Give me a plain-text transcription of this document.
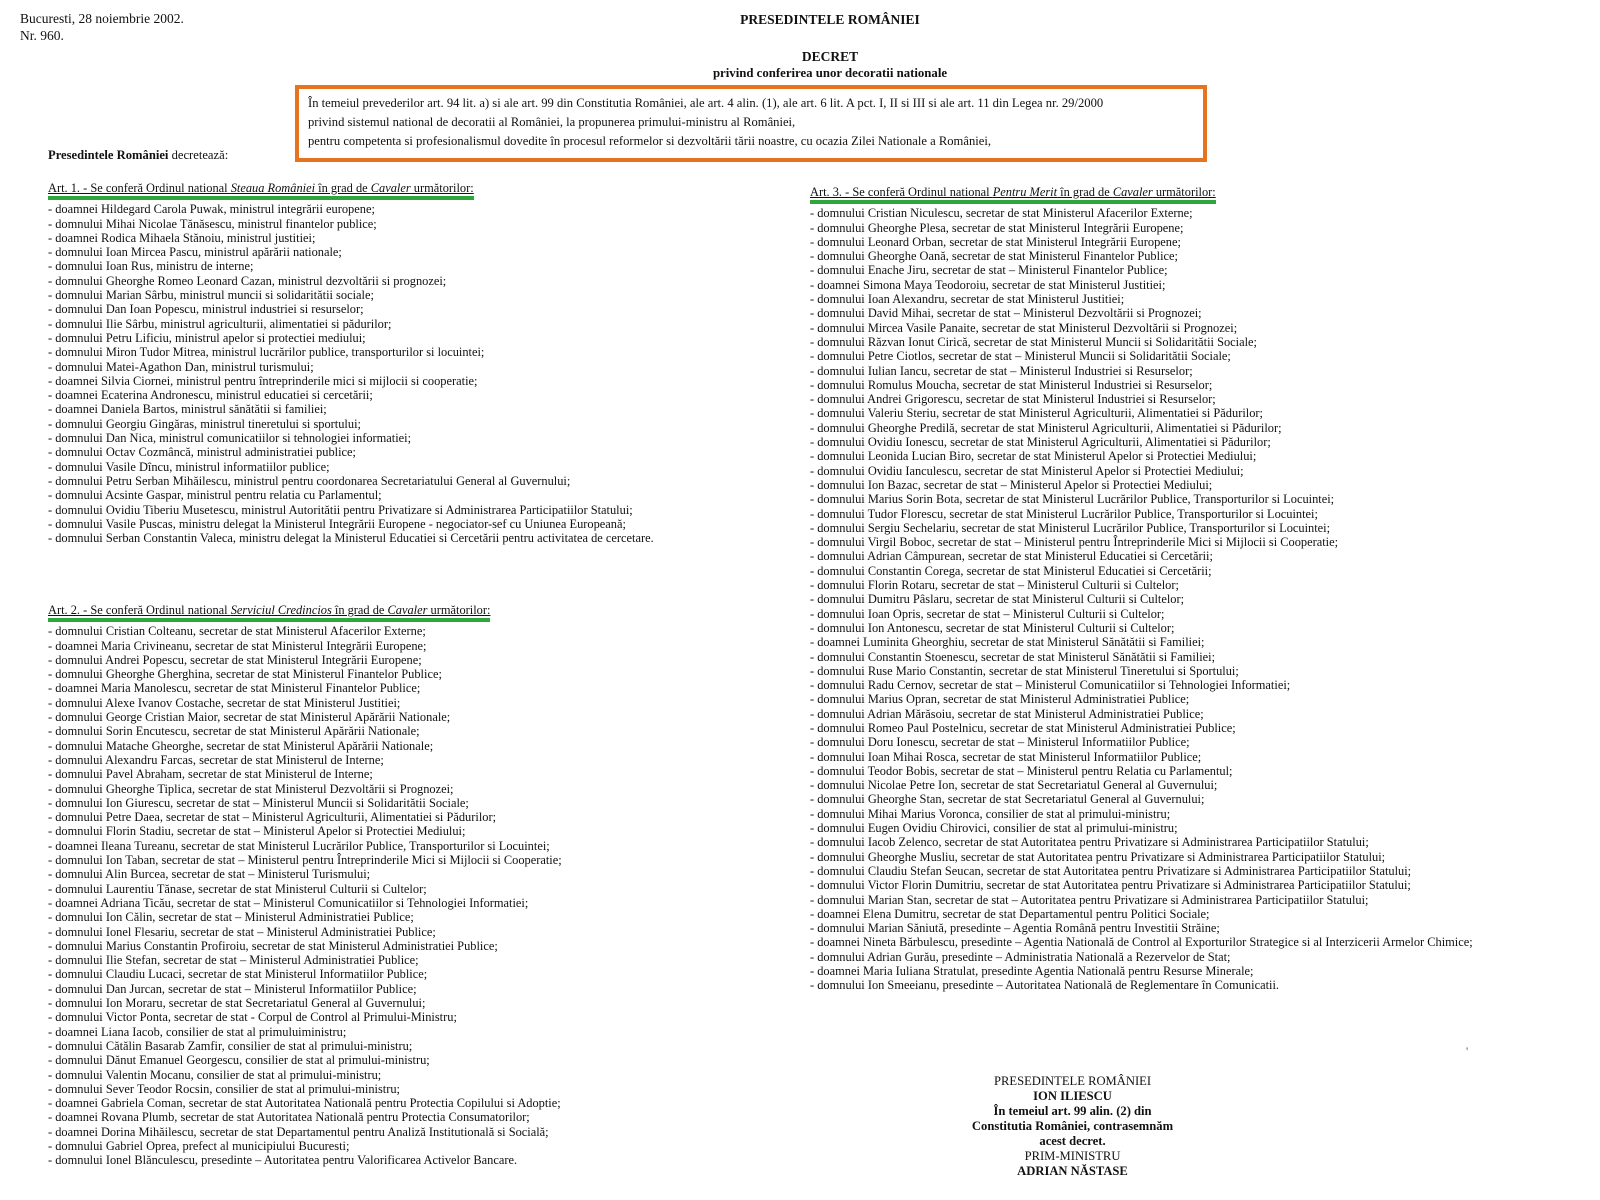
Bucuresti, 28 noiembrie 2002.
Nr. 960.
PRESEDINTELE ROMÂNIEI
DECRET
privind conferirea unor decoratii nationale
În temeiul prevederilor art. 94 lit. a) si ale art. 99 din Constitutia României, ale art. 4 alin. (1), ale art. 6 lit. A pct. I, II si III si ale art. 11 din Legea nr. 29/2000
privind sistemul national de decoratii al României, la propunerea primului-ministru al României,
pentru competenta si profesionalismul dovedite în procesul reformelor si dezvoltării tării noastre, cu ocazia Zilei Nationale a României,
Presedintele României decretează:
Art. 1. - Se conferă Ordinul national Steaua României în grad de Cavaler următorilor:
- doamnei Hildegard Carola Puwak, ministrul integrării europene;
- domnului Mihai Nicolae Tănăsescu, ministrul finantelor publice;
- doamnei Rodica Mihaela Stănoiu, ministrul justitiei;
- domnului Ioan Mircea Pascu, ministrul apărării nationale;
- domnului Ioan Rus, ministru de interne;
- domnului Gheorghe Romeo Leonard Cazan, ministrul dezvoltării si prognozei;
- domnului Marian Sârbu, ministrul muncii si solidaritătii sociale;
- domnului Dan Ioan Popescu, ministrul industriei si resurselor;
- domnului Ilie Sârbu, ministrul agriculturii, alimentatiei si pădurilor;
- domnului Petru Lificiu, ministrul apelor si protectiei mediului;
- domnului Miron Tudor Mitrea, ministrul lucrărilor publice, transporturilor si locuintei;
- domnului Matei-Agathon Dan, ministrul turismului;
- doamnei Silvia Ciornei, ministrul pentru întreprinderile mici si mijlocii si cooperatie;
- doamnei Ecaterina Andronescu, ministrul educatiei si cercetării;
- doamnei Daniela Bartos, ministrul sănătătii si familiei;
- domnului Georgiu Gingăras, ministrul tineretului si sportului;
- domnului Dan Nica, ministrul comunicatiilor si tehnologiei informatiei;
- domnului Octav Cozmâncă, ministrul administratiei publice;
- domnului Vasile Dîncu, ministrul informatiilor publice;
- domnului Petru Serban Mihăilescu, ministrul pentru coordonarea Secretariatului General al Guvernului;
- domnului Acsinte Gaspar, ministrul pentru relatia cu Parlamentul;
- domnului Ovidiu Tiberiu Musetescu, ministrul Autoritătii pentru Privatizare si Administrarea Participatiilor Statului;
- domnului Vasile Puscas, ministru delegat la Ministerul Integrării Europene - negociator-sef cu Uniunea Europeană;
- domnului Serban Constantin Valeca, ministru delegat la Ministerul Educatiei si Cercetării pentru activitatea de cercetare.
Art. 2. - Se conferă Ordinul national Serviciul Credincios în grad de Cavaler următorilor:
- domnului Cristian Colteanu, secretar de stat Ministerul Afacerilor Externe;
- doamnei Maria Crivineanu, secretar de stat Ministerul Integrării Europene;
- domnului Andrei Popescu, secretar de stat Ministerul Integrării Europene;
- domnului Gheorghe Gherghina, secretar de stat Ministerul Finantelor Publice;
- doamnei Maria Manolescu, secretar de stat Ministerul Finantelor Publice;
- domnului Alexe Ivanov Costache, secretar de stat Ministerul Justitiei;
- domnului George Cristian Maior, secretar de stat Ministerul Apărării Nationale;
- domnului Sorin Encutescu, secretar de stat Ministerul Apărării Nationale;
- domnului Matache Gheorghe, secretar de stat Ministerul Apărării Nationale;
- domnului Alexandru Farcas, secretar de stat Ministerul de Interne;
- domnului Pavel Abraham, secretar de stat Ministerul de Interne;
- domnului Gheorghe Tiplica, secretar de stat Ministerul Dezvoltării si Prognozei;
- domnului Ion Giurescu, secretar de stat – Ministerul Muncii si Solidaritătii Sociale;
- domnului Petre Daea, secretar de stat – Ministerul Agriculturii, Alimentatiei si Pădurilor;
- domnului Florin Stadiu, secretar de stat – Ministerul Apelor si Protectiei Mediului;
- doamnei Ileana Tureanu, secretar de stat Ministerul Lucrărilor Publice, Transporturilor si Locuintei;
- domnului Ion Taban, secretar de stat – Ministerul pentru Întreprinderile Mici si Mijlocii si Cooperatie;
- domnului Alin Burcea, secretar de stat – Ministerul Turismului;
- domnului Laurentiu Tănase, secretar de stat Ministerul Culturii si Cultelor;
- doamnei Adriana Ticău, secretar de stat – Ministerul Comunicatiilor si Tehnologiei Informatiei;
- domnului Ion Călin, secretar de stat – Ministerul Administratiei Publice;
- domnului Ionel Flesariu, secretar de stat – Ministerul Administratiei Publice;
- domnului Marius Constantin Profiroiu, secretar de stat Ministerul Administratiei Publice;
- domnului Ilie Stefan, secretar de stat – Ministerul Administratiei Publice;
- domnului Claudiu Lucaci, secretar de stat Ministerul Informatiilor Publice;
- domnului Dan Jurcan, secretar de stat – Ministerul Informatiilor Publice;
- domnului Ion Moraru, secretar de stat Secretariatul General al Guvernului;
- domnului Victor Ponta, secretar de stat - Corpul de Control al Primului-Ministru;
- doamnei Liana Iacob, consilier de stat al primuluiministru;
- domnului Cătălin Basarab Zamfir, consilier de stat al primului-ministru;
- domnului Dănut Emanuel Georgescu, consilier de stat al primului-ministru;
- domnului Valentin Mocanu, consilier de stat al primului-ministru;
- domnului Sever Teodor Rocsin, consilier de stat al primului-ministru;
- doamnei Gabriela Coman, secretar de stat Autoritatea Natională pentru Protectia Copilului si Adoptie;
- doamnei Rovana Plumb, secretar de stat Autoritatea Natională pentru Protectia Consumatorilor;
- doamnei Dorina Mihăilescu, secretar de stat Departamentul pentru Analiză Institutională si Socială;
- domnului Gabriel Oprea, prefect al municipiului Bucuresti;
- domnului Ionel Blănculescu, presedinte – Autoritatea pentru Valorificarea Activelor Bancare.
Art. 3. - Se conferă Ordinul national Pentru Merit în grad de Cavaler următorilor:
- domnului Cristian Niculescu, secretar de stat Ministerul Afacerilor Externe;
- domnului Gheorghe Plesa, secretar de stat Ministerul Integrării Europene;
- domnului Leonard Orban, secretar de stat Ministerul Integrării Europene;
- domnului Gheorghe Oană, secretar de stat Ministerul Finantelor Publice;
- domnului Enache Jiru, secretar de stat – Ministerul Finantelor Publice;
- doamnei Simona Maya Teodoroiu, secretar de stat Ministerul Justitiei;
- domnului Ioan Alexandru, secretar de stat Ministerul Justitiei;
- domnului David Mihai, secretar de stat – Ministerul Dezvoltării si Prognozei;
- domnului Mircea Vasile Panaite, secretar de stat Ministerul Dezvoltării si Prognozei;
- domnului Răzvan Ionut Cirică, secretar de stat Ministerul Muncii si Solidaritătii Sociale;
- domnului Petre Ciotlos, secretar de stat – Ministerul Muncii si Solidaritătii Sociale;
- domnului Iulian Iancu, secretar de stat – Ministerul Industriei si Resurselor;
- domnului Romulus Moucha, secretar de stat Ministerul Industriei si Resurselor;
- domnului Andrei Grigorescu, secretar de stat Ministerul Industriei si Resurselor;
- domnului Valeriu Steriu, secretar de stat Ministerul Agriculturii, Alimentatiei si Pădurilor;
- domnului Gheorghe Predilă, secretar de stat Ministerul Agriculturii, Alimentatiei si Pădurilor;
- domnului Ovidiu Ionescu, secretar de stat Ministerul Agriculturii, Alimentatiei si Pădurilor;
- domnului Leonida Lucian Biro, secretar de stat Ministerul Apelor si Protectiei Mediului;
- domnului Ovidiu Ianculescu, secretar de stat Ministerul Apelor si Protectiei Mediului;
- domnului Ion Bazac, secretar de stat – Ministerul Apelor si Protectiei Mediului;
- domnului Marius Sorin Bota, secretar de stat Ministerul Lucrărilor Publice, Transporturilor si Locuintei;
- domnului Tudor Florescu, secretar de stat Ministerul Lucrărilor Publice, Transporturilor si Locuintei;
- domnului Sergiu Sechelariu, secretar de stat Ministerul Lucrărilor Publice, Transporturilor si Locuintei;
- domnului Virgil Boboc, secretar de stat – Ministerul pentru Întreprinderile Mici si Mijlocii si Cooperatie;
- domnului Adrian Câmpurean, secretar de stat Ministerul Educatiei si Cercetării;
- domnului Constantin Corega, secretar de stat Ministerul Educatiei si Cercetării;
- domnului Florin Rotaru, secretar de stat – Ministerul Culturii si Cultelor;
- domnului Dumitru Pâslaru, secretar de stat Ministerul Culturii si Cultelor;
- domnului Ioan Opris, secretar de stat – Ministerul Culturii si Cultelor;
- domnului Ion Antonescu, secretar de stat Ministerul Culturii si Cultelor;
- doamnei Luminita Gheorghiu, secretar de stat Ministerul Sănătătii si Familiei;
- domnului Constantin Stoenescu, secretar de stat Ministerul Sănătătii si Familiei;
- domnului Ruse Mario Constantin, secretar de stat Ministerul Tineretului si Sportului;
- domnului Radu Cernov, secretar de stat – Ministerul Comunicatiilor si Tehnologiei Informatiei;
- domnului Marius Opran, secretar de stat Ministerul Administratiei Publice;
- domnului Adrian Mărăsoiu, secretar de stat Ministerul Administratiei Publice;
- domnului Romeo Paul Postelnicu, secretar de stat Ministerul Administratiei Publice;
- domnului Doru Ionescu, secretar de stat – Ministerul Informatiilor Publice;
- domnului Ioan Mihai Rosca, secretar de stat Ministerul Informatiilor Publice;
- domnului Teodor Bobis, secretar de stat – Ministerul pentru Relatia cu Parlamentul;
- domnului Nicolae Petre Ion, secretar de stat Secretariatul General al Guvernului;
- domnului Gheorghe Stan, secretar de stat Secretariatul General al Guvernului;
- domnului Mihai Marius Voronca, consilier de stat al primului-ministru;
- domnului Eugen Ovidiu Chirovici, consilier de stat al primului-ministru;
- domnului Iacob Zelenco, secretar de stat Autoritatea pentru Privatizare si Administrarea Participatiilor Statului;
- domnului Gheorghe Musliu, secretar de stat Autoritatea pentru Privatizare si Administrarea Participatiilor Statului;
- domnului Claudiu Stefan Seucan, secretar de stat Autoritatea pentru Privatizare si Administrarea Participatiilor Statului;
- domnului Victor Florin Dumitriu, secretar de stat Autoritatea pentru Privatizare si Administrarea Participatiilor Statului;
- domnului Marian Stan, secretar de stat – Autoritatea pentru Privatizare si Administrarea Participatiilor Statului;
- doamnei Elena Dumitru, secretar de stat Departamentul pentru Politici Sociale;
- domnului Marian Săniută, presedinte – Agentia Română pentru Investitii Străine;
- doamnei Nineta Bărbulescu, presedinte – Agentia Natională de Control al Exporturilor Strategice si al Interzicerii Armelor Chimice;
- domnului Adrian Gurău, presedinte – Administratia Natională a Rezervelor de Stat;
- doamnei Maria Iuliana Stratulat, presedinte Agentia Natională pentru Resurse Minerale;
- domnului Ion Smeeianu, presedinte – Autoritatea Natională de Reglementare în Comunicatii.
'
PRESEDINTELE ROMÂNIEI
ION ILIESCU
În temeiul art. 99 alin. (2) din
Constitutia României, contrasemnăm
acest decret.
PRIM-MINISTRU
ADRIAN NĂSTASE
